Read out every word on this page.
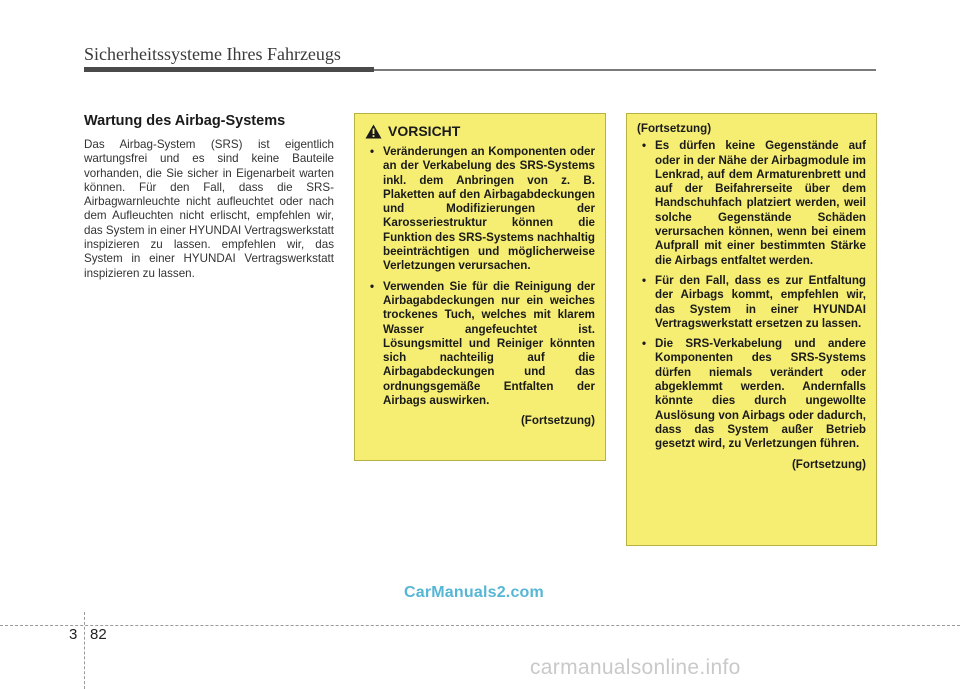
Sicherheitssysteme Ihres Fahrzeugs
Wartung des Airbag-Systems

Das Airbag-System (SRS) ist eigentlich wartungsfrei und es sind keine Bauteile vorhanden, die Sie sicher in Eigenarbeit warten können. Für den Fall, dass die SRS-Airbagwarnleuchte nicht aufleuchtet oder nach dem Aufleuchten nicht erlischt, empfehlen wir, das System in einer HYUNDAI Vertragswerkstatt inspizieren zu lassen. empfehlen wir, das System in einer HYUNDAI Vertragswerkstatt inspizieren zu lassen.

VORSICHT
• Veränderungen an Komponenten oder an der Verkabelung des SRS-Systems inkl. dem Anbringen von z. B. Plaketten auf den Airbagabdeckungen und Modifizierungen der Karosseriestruktur können die Funktion des SRS-Systems nachhaltig beeinträchtigen und möglicherweise Verletzungen verursachen.
• Verwenden Sie für die Reinigung der Airbagabdeckungen nur ein weiches trockenes Tuch, welches mit klarem Wasser angefeuchtet ist. Lösungsmittel und Reiniger könnten sich nachteilig auf die Airbagabdeckungen und das ordnungsgemäße Entfalten der Airbags auswirken.
(Fortsetzung)
(Fortsetzung)
• Es dürfen keine Gegenstände auf oder in der Nähe der Airbagmodule im Lenkrad, auf dem Armaturenbrett und auf der Beifahrerseite über dem Handschuhfach platziert werden, weil solche Gegenstände Schäden verursachen können, wenn bei einem Aufprall mit einer bestimmten Stärke die Airbags entfaltet werden.
• Für den Fall, dass es zur Entfaltung der Airbags kommt, empfehlen wir, das System in einer HYUNDAI Vertragswerkstatt ersetzen zu lassen.
• Die SRS-Verkabelung und andere Komponenten des SRS-Systems dürfen niemals verändert oder abgeklemmt werden. Andernfalls könnte dies durch ungewollte Auslösung von Airbags oder dadurch, dass das System außer Betrieb gesetzt wird, zu Verletzungen führen.
(Fortsetzung)
CarManuals2.com
3 82
carmanualsonline.info
